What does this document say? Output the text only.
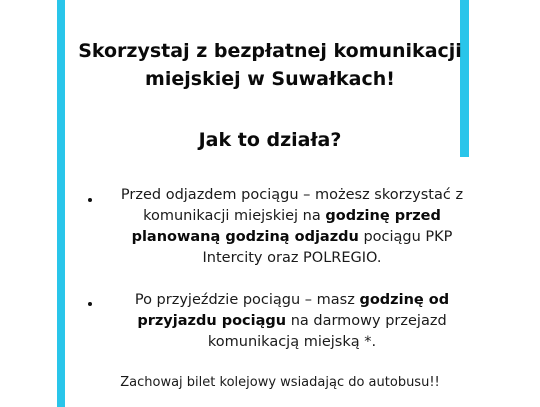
Skorzystaj z bezpłatnej komunikacji
miejskiej w Suwałkach!
Jak to działa?
Przed odjazdem pociągu – możesz skorzystać z
komunikacji miejskiej na godzinę przed
planowaną godziną odjazdu pociągu PKP
Intercity oraz POLREGIO.
Po przyjeździe pociągu – masz godzinę od
przyjazdu pociągu na darmowy przejazd
komunikacją miejską *.
Zachowaj bilet kolejowy wsiadając do autobusu!!
